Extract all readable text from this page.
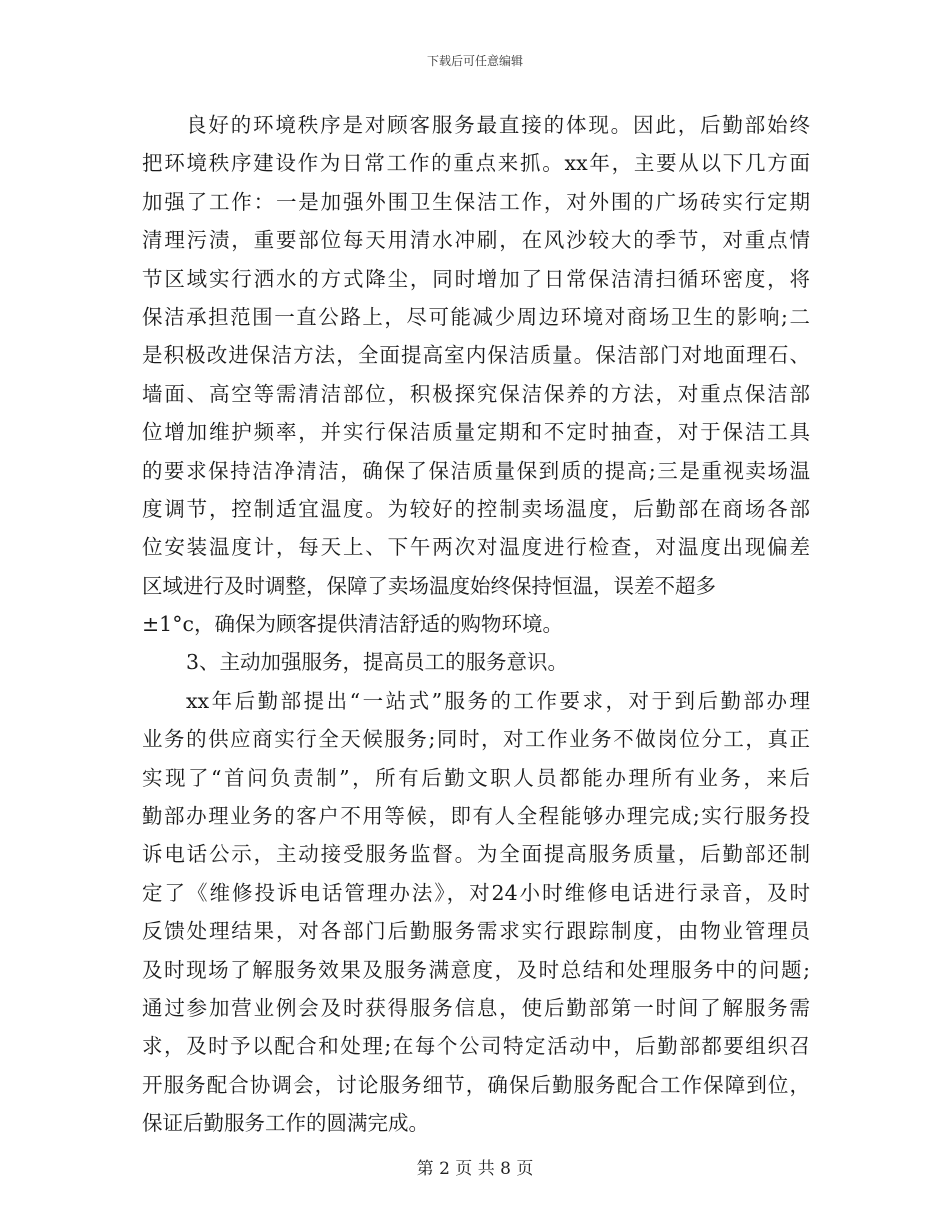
下载后可任意编辑
良好的环境秩序是对顾客服务最直接的体现。因此，后勤部始终
把环境秩序建设作为日常工作的重点来抓。xx年，主要从以下几方面
加强了工作：一是加强外围卫生保洁工作，对外围的广场砖实行定期
清理污渍，重要部位每天用清水冲刷，在风沙较大的季节，对重点情
节区域实行洒水的方式降尘，同时增加了日常保洁清扫循环密度，将
保洁承担范围一直公路上，尽可能减少周边环境对商场卫生的影响;二
是积极改进保洁方法，全面提高室内保洁质量。保洁部门对地面理石、
墙面、高空等需清洁部位，积极探究保洁保养的方法，对重点保洁部
位增加维护频率，并实行保洁质量定期和不定时抽查，对于保洁工具
的要求保持洁净清洁，确保了保洁质量保到质的提高;三是重视卖场温
度调节，控制适宜温度。为较好的控制卖场温度，后勤部在商场各部
位安装温度计，每天上、下午两次对温度进行检查，对温度出现偏差
区域进行及时调整，保障了卖场温度始终保持恒温，误差不超多
±1°c，确保为顾客提供清洁舒适的购物环境。
3、主动加强服务，提高员工的服务意识。
xx年后勤部提出“一站式”服务的工作要求，对于到后勤部办理
业务的供应商实行全天候服务;同时，对工作业务不做岗位分工，真正
实现了“首问负责制”，所有后勤文职人员都能办理所有业务，来后
勤部办理业务的客户不用等候，即有人全程能够办理完成;实行服务投
诉电话公示，主动接受服务监督。为全面提高服务质量，后勤部还制
定了《维修投诉电话管理办法》，对24小时维修电话进行录音，及时
反馈处理结果，对各部门后勤服务需求实行跟踪制度，由物业管理员
及时现场了解服务效果及服务满意度，及时总结和处理服务中的问题;
通过参加营业例会及时获得服务信息，使后勤部第一时间了解服务需
求，及时予以配合和处理;在每个公司特定活动中，后勤部都要组织召
开服务配合协调会，讨论服务细节，确保后勤服务配合工作保障到位，
保证后勤服务工作的圆满完成。
第 2 页 共 8 页
